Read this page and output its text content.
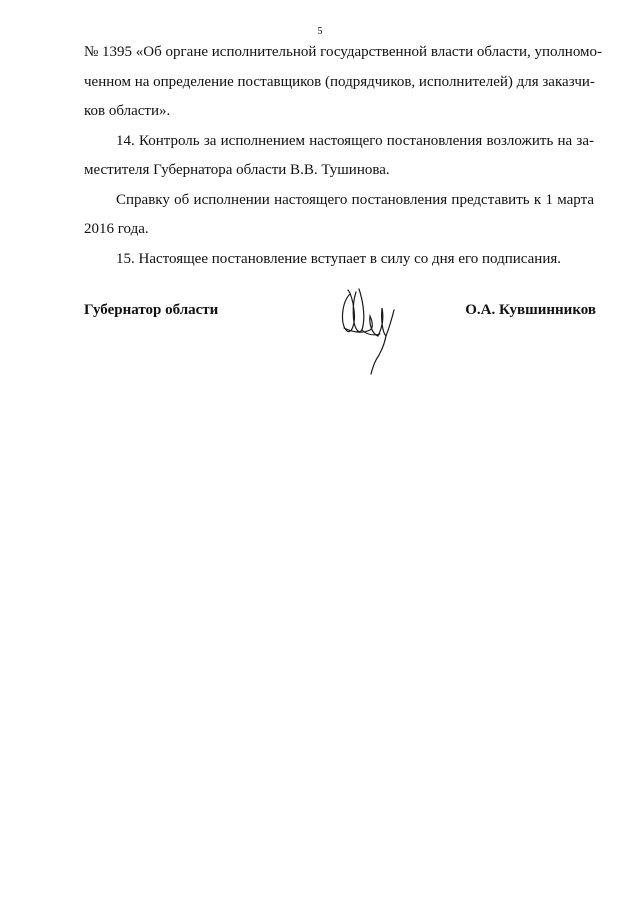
5
№ 1395 «Об органе исполнительной государственной власти области, уполномо-
ченном на определение поставщиков (подрядчиков, исполнителей) для заказчи-
ков области».
14. Контроль за исполнением настоящего постановления возложить на за-
местителя Губернатора области В.В. Тушинова.
Справку об исполнении настоящего постановления представить к 1 марта
2016 года.
15. Настоящее постановление вступает в силу со дня его подписания.
Губернатор области	О.А. Кувшинников
